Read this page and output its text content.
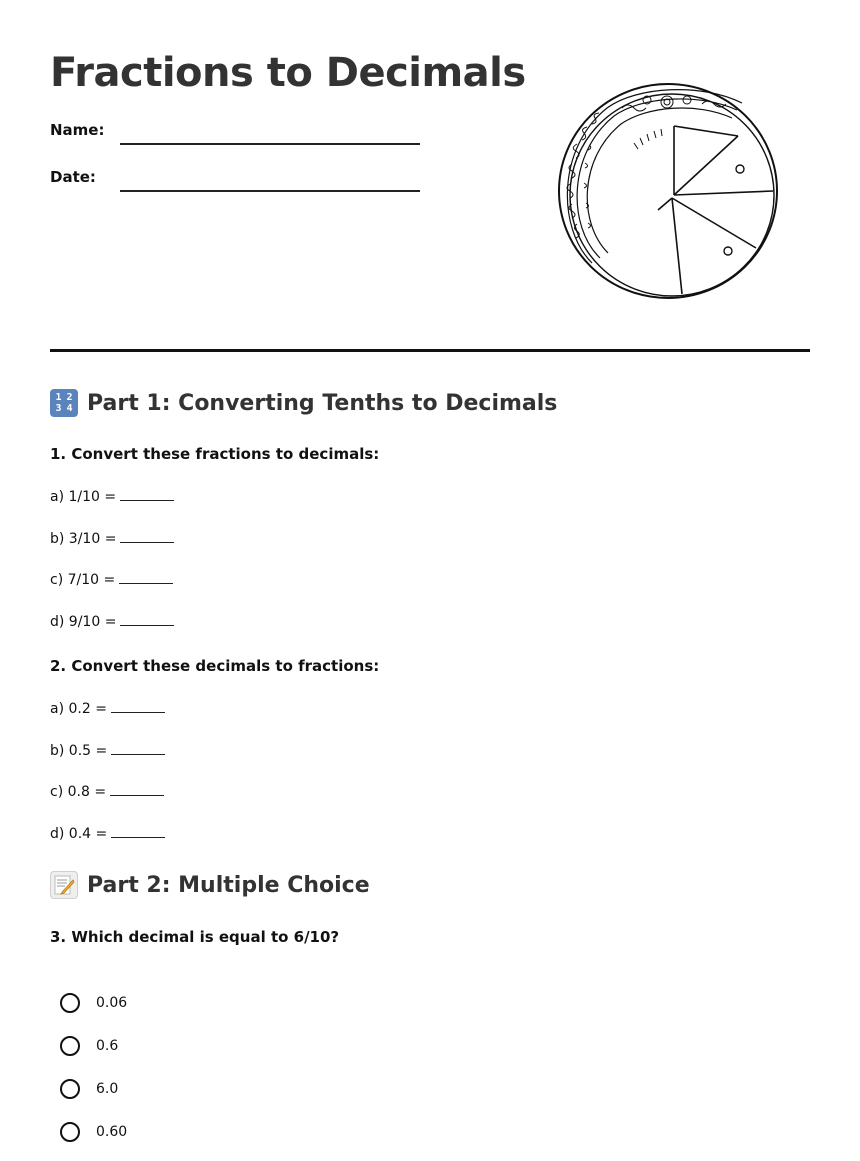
Fractions to Decimals
Name:
Date:
1 2
3 4 Part 1: Converting Tenths to Decimals
1. Convert these fractions to decimals:
a) 1/10 =
b) 3/10 =
c) 7/10 =
d) 9/10 =
2. Convert these decimals to fractions:
a) 0.2 =
b) 0.5 =
c) 0.8 =
d) 0.4 =
Part 2: Multiple Choice
3. Which decimal is equal to 6/10?
0.06
0.6
6.0
0.60
